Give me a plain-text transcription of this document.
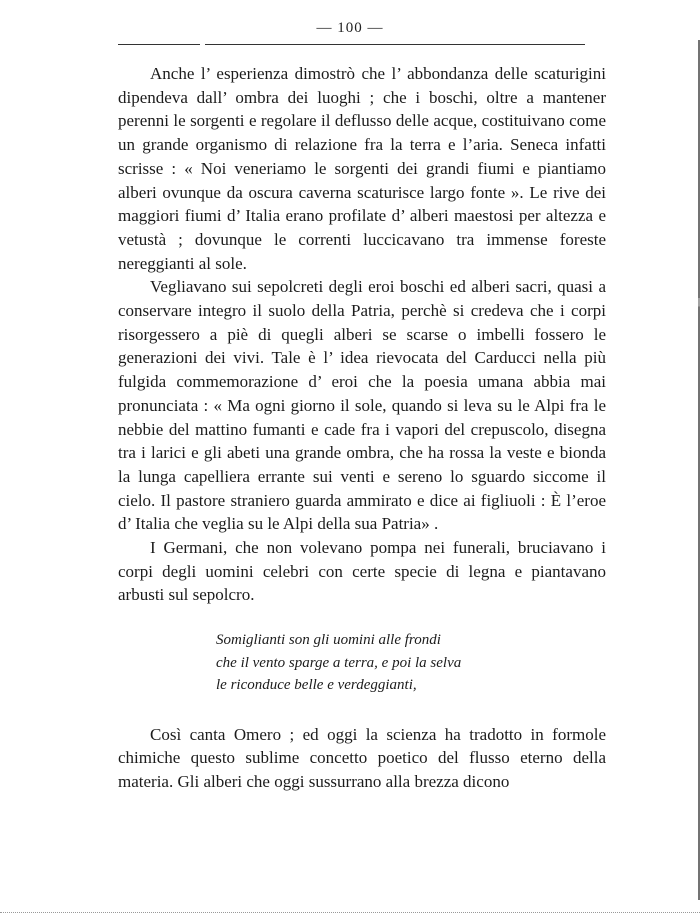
— 100 —

Anche l’ esperienza dimostrò che l’ abbondanza delle scaturigini dipendeva dall’ ombra dei luoghi ; che i boschi, oltre a mantener perenni le sorgenti e regolare il deflusso delle acque, costituivano come un grande organismo di relazione fra la terra e l’aria. Seneca infatti scrisse : « Noi veneriamo le sorgenti dei grandi fiumi e piantiamo alberi ovunque da oscura caverna scaturisce largo fonte ». Le rive dei maggiori fiumi d’ Italia erano profilate d’ alberi maestosi per altezza e vetustà ; dovunque le correnti luccicavano tra immense foreste nereggianti al sole.

Vegliavano sui sepolcreti degli eroi boschi ed alberi sacri, quasi a conservare integro il suolo della Patria, perchè si credeva che i corpi risorgessero a piè di quegli alberi se scarse o imbelli fossero le generazioni dei vivi. Tale è l’ idea rievocata del Carducci nella più fulgida commemorazione d’ eroi che la poesia umana abbia mai pronunciata : « Ma ogni giorno il sole, quando si leva su le Alpi fra le nebbie del mattino fumanti e cade fra i vapori del crepuscolo, disegna tra i larici e gli abeti una grande ombra, che ha rossa la veste e bionda la lunga capelliera errante sui venti e sereno lo sguardo siccome il cielo. Il pastore straniero guarda ammirato e dice ai figliuoli : È l’eroe d’ Italia che veglia su le Alpi della sua Patria» .

I Germani, che non volevano pompa nei funerali, bruciavano i corpi degli uomini celebri con certe specie di legna e piantavano arbusti sul sepolcro.

Somiglianti son gli uomini alle frondi
che il vento sparge a terra, e poi la selva
le riconduce belle e verdeggianti,

Così canta Omero ; ed oggi la scienza ha tradotto in formole chimiche questo sublime concetto poetico del flusso eterno della materia. Gli alberi che oggi sussurrano alla brezza dicono
